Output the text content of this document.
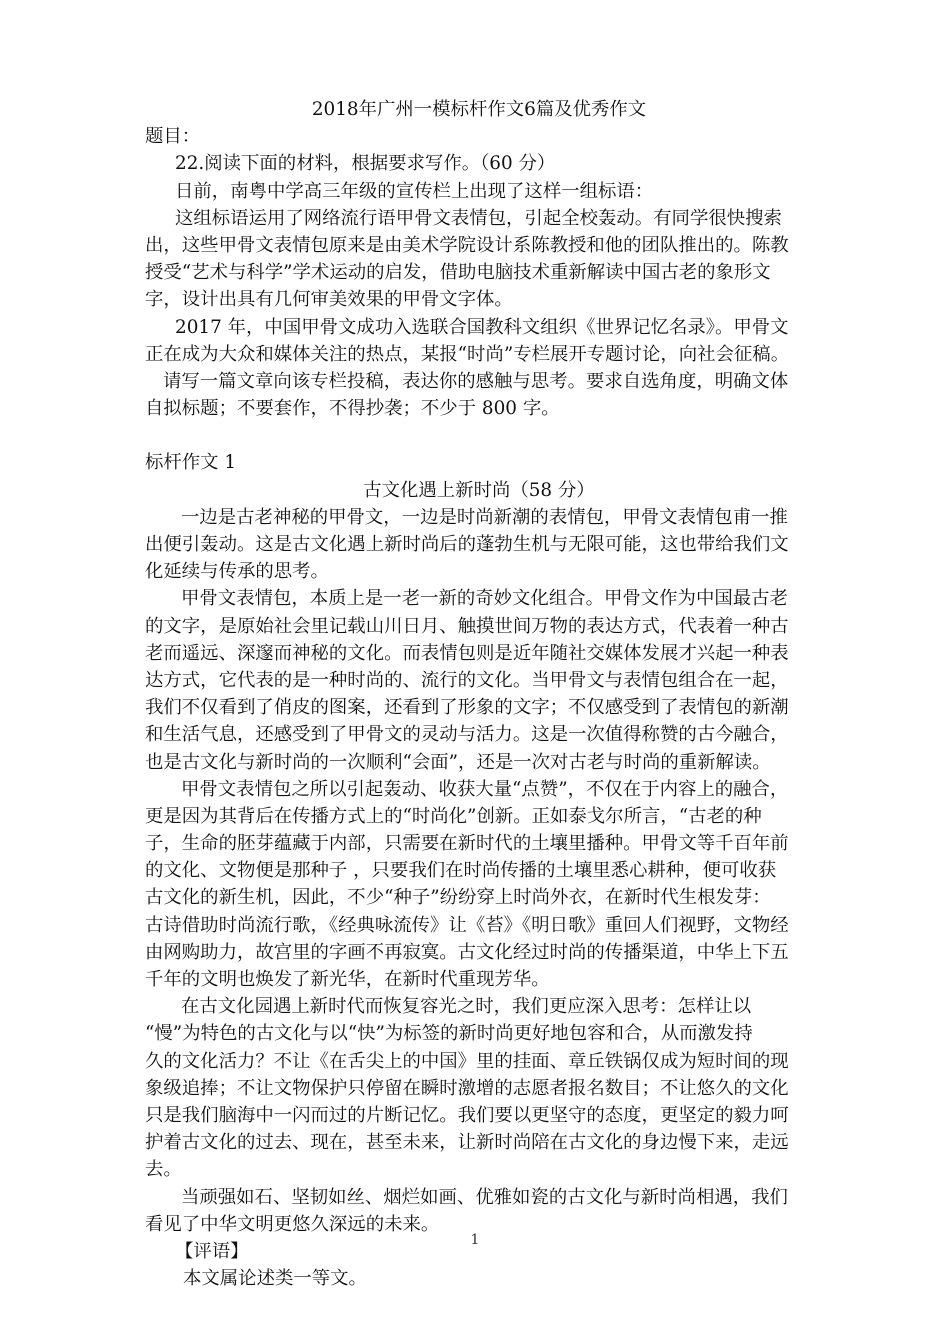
2018年广州一模标杆作文6篇及优秀作文
题目：
22.阅读下面的材料，根据要求写作。（60 分）
日前，南粤中学高三年级的宣传栏上出现了这样一组标语：
这组标语运用了网络流行语甲骨文表情包，引起全校轰动。有同学很快搜索
出，这些甲骨文表情包原来是由美术学院设计系陈教授和他的团队推出的。陈教
授受“艺术与科学”学术运动的启发，借助电脑技术重新解读中国古老的象形文
字，设计出具有几何审美效果的甲骨文字体。
2017 年，中国甲骨文成功入选联合国教科文组织《世界记忆名录》。甲骨文
正在成为大众和媒体关注的热点，某报“时尚”专栏展开专题讨论，向社会征稿。
请写一篇文章向该专栏投稿，表达你的感触与思考。要求自选角度，明确文体
自拟标题；不要套作，不得抄袭；不少于 800 字。
标杆作文 1
古文化遇上新时尚（58 分）
一边是古老神秘的甲骨文，一边是时尚新潮的表情包，甲骨文表情包甫一推
出便引轰动。这是古文化遇上新时尚后的蓬勃生机与无限可能，这也带给我们文
化延续与传承的思考。
甲骨文表情包，本质上是一老一新的奇妙文化组合。甲骨文作为中国最古老
的文字，是原始社会里记载山川日月、触摸世间万物的表达方式，代表着一种古
老而遥远、深邃而神秘的文化。而表情包则是近年随社交媒体发展才兴起一种表
达方式，它代表的是一种时尚的、流行的文化。当甲骨文与表情包组合在一起，
我们不仅看到了俏皮的图案，还看到了形象的文字；不仅感受到了表情包的新潮
和生活气息，还感受到了甲骨文的灵动与活力。这是一次值得称赞的古今融合，
也是古文化与新时尚的一次顺利“会面”，还是一次对古老与时尚的重新解读。
甲骨文表情包之所以引起轰动、收获大量“点赞”，不仅在于内容上的融合，
更是因为其背后在传播方式上的“时尚化”创新。正如泰戈尔所言，“古老的种
子，生命的胚芽蕴藏于内部，只需要在新时代的土壤里播种。甲骨文等千百年前
的文化、文物便是那种子 ，只要我们在时尚传播的土壤里悉心耕种，便可收获
古文化的新生机，因此，不少“种子”纷纷穿上时尚外衣，在新时代生根发芽：
古诗借助时尚流行歌，《经典咏流传》让《苔》《明日歌》重回人们视野，文物经
由网购助力，故宫里的字画不再寂寞。古文化经过时尚的传播渠道，中华上下五
千年的文明也焕发了新光华，在新时代重现芳华。
在古文化园遇上新时代而恢复容光之时，我们更应深入思考：怎样让以
“慢”为特色的古文化与以“快”为标签的新时尚更好地包容和合，从而激发持
久的文化活力？不让《在舌尖上的中国》里的挂面、章丘铁锅仅成为短时间的现
象级追捧；不让文物保护只停留在瞬时激增的志愿者报名数目；不让悠久的文化
只是我们脑海中一闪而过的片断记忆。我们要以更坚守的态度，更坚定的毅力呵
护着古文化的过去、现在，甚至未来，让新时尚陪在古文化的身边慢下来，走远
去。
当顽强如石、坚韧如丝、烟烂如画、优雅如瓷的古文化与新时尚相遇，我们
看见了中华文明更悠久深远的未来。
【评语】
本文属论述类一等文。
1
